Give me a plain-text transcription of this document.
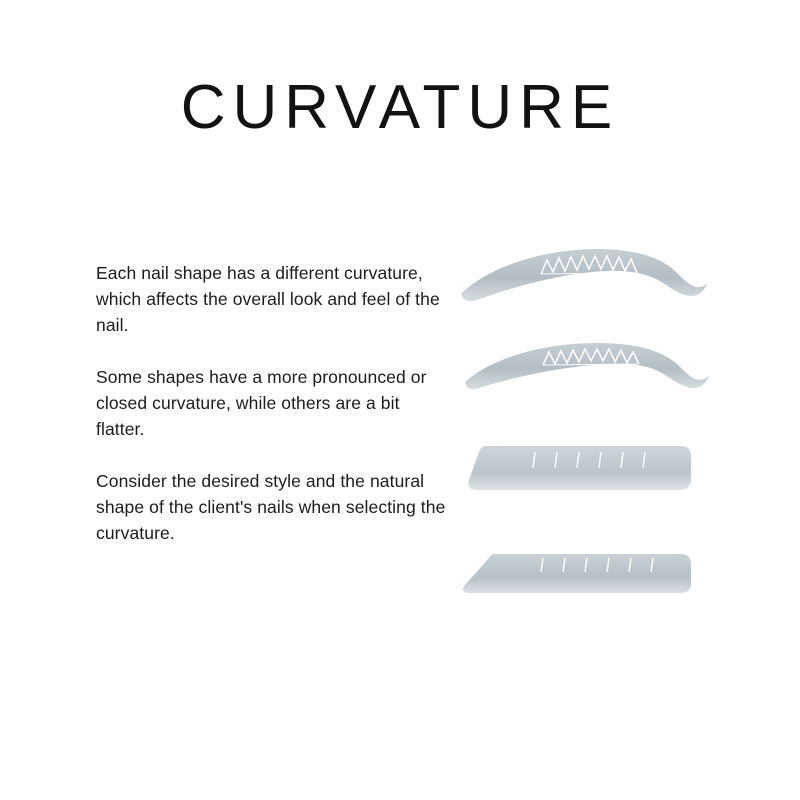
CURVATURE

Each nail shape has a different curvature, which affects the overall look and feel of the nail.

Some shapes have a more pronounced or closed curvature, while others are a bit flatter.

Consider the desired style and the natural shape of the client's nails when selecting the curvature.
